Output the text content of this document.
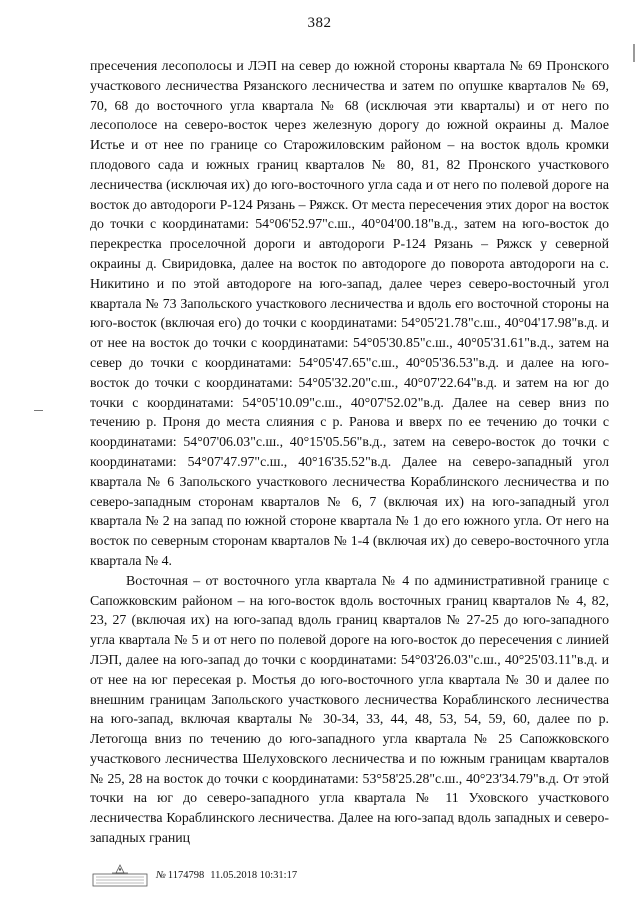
382

пресечения лесополосы и ЛЭП на север до южной стороны квартала № 69 Пронского участкового лесничества Рязанского лесничества и затем по опушке кварталов № 69, 70, 68 до восточного угла квартала № 68 (исключая эти кварталы) и от него по лесополосе на северо-восток через железную дорогу до южной окраины д. Малое Истье и от нее по границе со Старожиловским районом – на восток вдоль кромки плодового сада и южных границ кварталов № 80, 81, 82 Пронского участкового лесничества (исключая их) до юго-восточного угла сада и от него по полевой дороге на восток до автодороги Р-124 Рязань – Ряжск. От места пересечения этих дорог на восток до точки с координатами: 54°06'52.97"с.ш., 40°04'00.18"в.д., затем на юго-восток до перекрестка проселочной дороги и автодороги Р-124 Рязань – Ряжск у северной окраины д. Свиридовка, далее на восток по автодороге до поворота автодороги на с. Никитино и по этой автодороге на юго-запад, далее через северо-восточный угол квартала № 73 Запольского участкового лесничества и вдоль его восточной стороны на юго-восток (включая его) до точки с координатами: 54°05'21.78"с.ш., 40°04'17.98"в.д. и от нее на восток до точки с координатами: 54°05'30.85"с.ш., 40°05'31.61"в.д., затем на север до точки с координатами: 54°05'47.65"с.ш., 40°05'36.53"в.д. и далее на юго-восток до точки с координатами: 54°05'32.20"с.ш., 40°07'22.64"в.д. и затем на юг до точки с координатами: 54°05'10.09"с.ш., 40°07'52.02"в.д. Далее на север вниз по течению р. Проня до места слияния с р. Ранова и вверх по ее течению до точки с координатами: 54°07'06.03"с.ш., 40°15'05.56"в.д., затем на северо-восток до точки с координатами: 54°07'47.97"с.ш., 40°16'35.52"в.д. Далее на северо-западный угол квартала № 6 Запольского участкового лесничества Кораблинского лесничества и по северо-западным сторонам кварталов № 6, 7 (включая их) на юго-западный угол квартала № 2 на запад по южной стороне квартала № 1 до его южного угла. От него на восток по северным сторонам кварталов № 1-4 (включая их) до северо-восточного угла квартала № 4.

Восточная – от восточного угла квартала № 4 по административной границе с Сапожковским районом – на юго-восток вдоль восточных границ кварталов № 4, 82, 23, 27 (включая их) на юго-запад вдоль границ кварталов № 27-25 до юго-западного угла квартала № 5 и от него по полевой дороге на юго-восток до пересечения с линией ЛЭП, далее на юго-запад до точки с координатами: 54°03'26.03"с.ш., 40°25'03.11"в.д. и от нее на юг пересекая р. Мостья до юго-восточного угла квартала № 30 и далее по внешним границам Запольского участкового лесничества Кораблинского лесничества на юго-запад, включая кварталы № 30-34, 33, 44, 48, 53, 54, 59, 60, далее по р. Летогоща вниз по течению до юго-западного угла квартала № 25 Сапожковского участкового лесничества Шелуховского лесничества и по южным границам кварталов № 25, 28 на восток до точки с координатами: 53°58'25.28"с.ш., 40°23'34.79"в.д. От этой точки на юг до северо-западного угла квартала № 11 Уховского участкового лесничества Кораблинского лесничества. Далее на юго-запад вдоль западных и северо-западных границ

№ 1174798 11.05.2018 10:31:17
